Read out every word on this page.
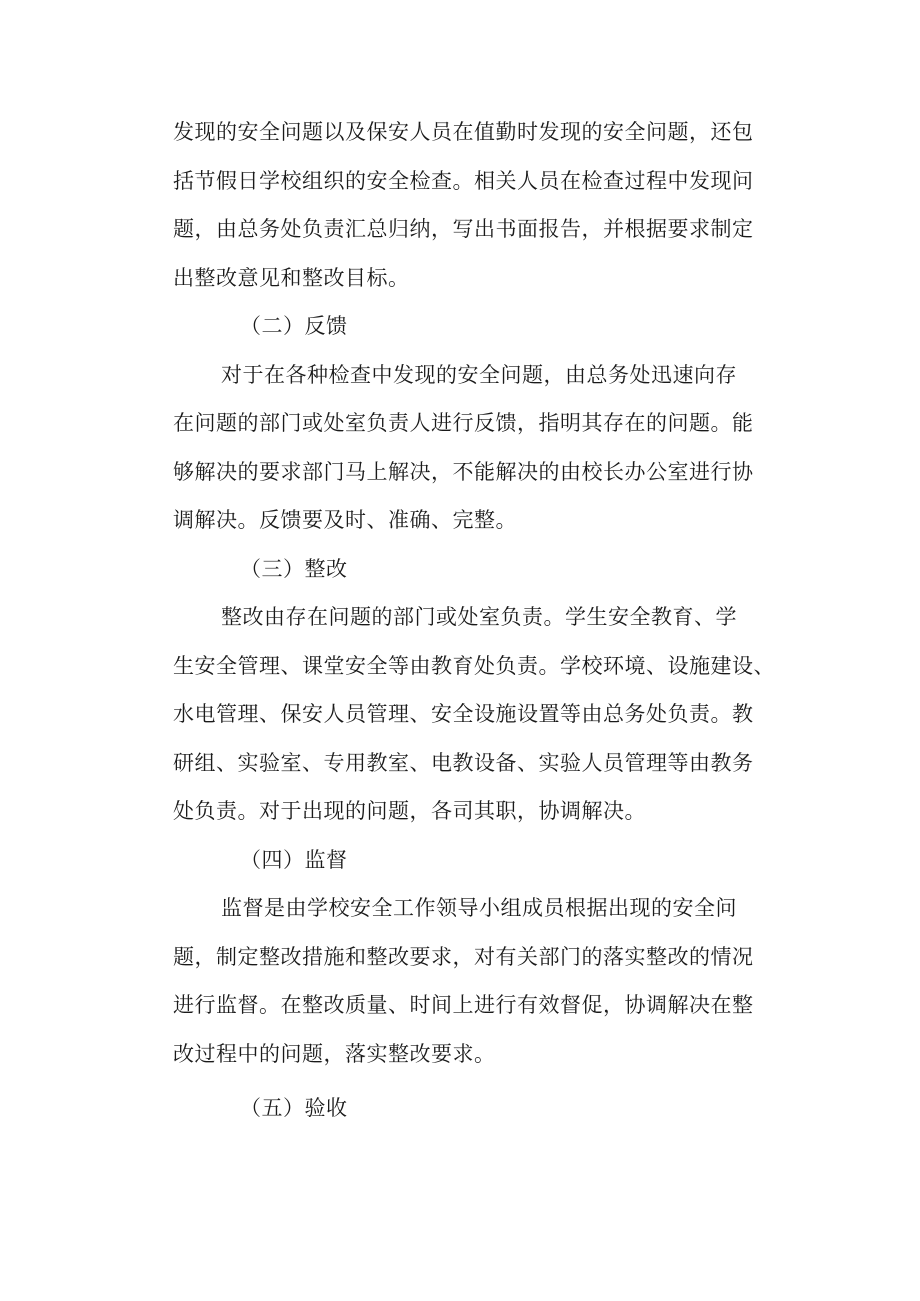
发现的安全问题以及保安人员在值勤时发现的安全问题，还包
括节假日学校组织的安全检查。相关人员在检查过程中发现问
题，由总务处负责汇总归纳，写出书面报告，并根据要求制定
出整改意见和整改目标。
（二）反馈
对于在各种检查中发现的安全问题，由总务处迅速向存
在问题的部门或处室负责人进行反馈，指明其存在的问题。能
够解决的要求部门马上解决，不能解决的由校长办公室进行协
调解决。反馈要及时、准确、完整。
（三）整改
整改由存在问题的部门或处室负责。学生安全教育、学
生安全管理、课堂安全等由教育处负责。学校环境、设施建设、
水电管理、保安人员管理、安全设施设置等由总务处负责。教
研组、实验室、专用教室、电教设备、实验人员管理等由教务
处负责。对于出现的问题，各司其职，协调解决。
（四）监督
监督是由学校安全工作领导小组成员根据出现的安全问
题，制定整改措施和整改要求，对有关部门的落实整改的情况
进行监督。在整改质量、时间上进行有效督促，协调解决在整
改过程中的问题，落实整改要求。
（五）验收
